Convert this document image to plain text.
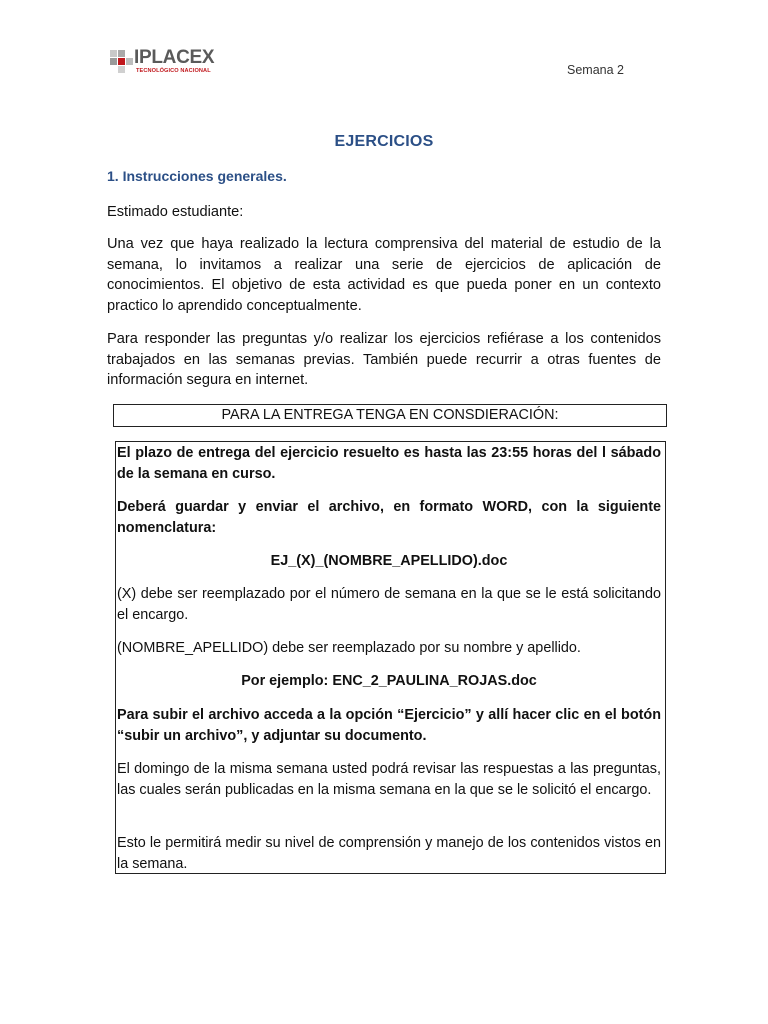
IPLACEX
TECNOLÓGICO NACIONAL	Semana 2
EJERCICIOS
1. Instrucciones generales.

Estimado estudiante:

Una vez que haya realizado la lectura comprensiva del material de estudio de la semana, lo invitamos a realizar una serie de ejercicios de aplicación de conocimientos. El objetivo de esta actividad es que pueda poner en un contexto practico lo aprendido conceptualmente.

Para responder las preguntas y/o realizar los ejercicios refiérase a los contenidos trabajados en las semanas previas. También puede recurrir a otras fuentes de información segura en internet.

PARA LA ENTREGA TENGA EN CONSDIERACIÓN:

El plazo de entrega del ejercicio resuelto es hasta las 23:55 horas del l sábado de la semana en curso.

Deberá guardar y enviar el archivo, en formato WORD, con la siguiente nomenclatura:

EJ_(X)_(NOMBRE_APELLIDO).doc

(X) debe ser reemplazado por el número de semana en la que se le está solicitando el encargo.

(NOMBRE_APELLIDO) debe ser reemplazado por su nombre y apellido.

Por ejemplo: ENC_2_PAULINA_ROJAS.doc

Para subir el archivo acceda a la opción “Ejercicio” y allí hacer clic en el botón “subir un archivo”, y adjuntar su documento.

El domingo de la misma semana usted podrá revisar las respuestas a las preguntas, las cuales serán publicadas en la misma semana en la que se le solicitó el encargo.

Esto le permitirá medir su nivel de comprensión y manejo de los contenidos vistos en la semana.
